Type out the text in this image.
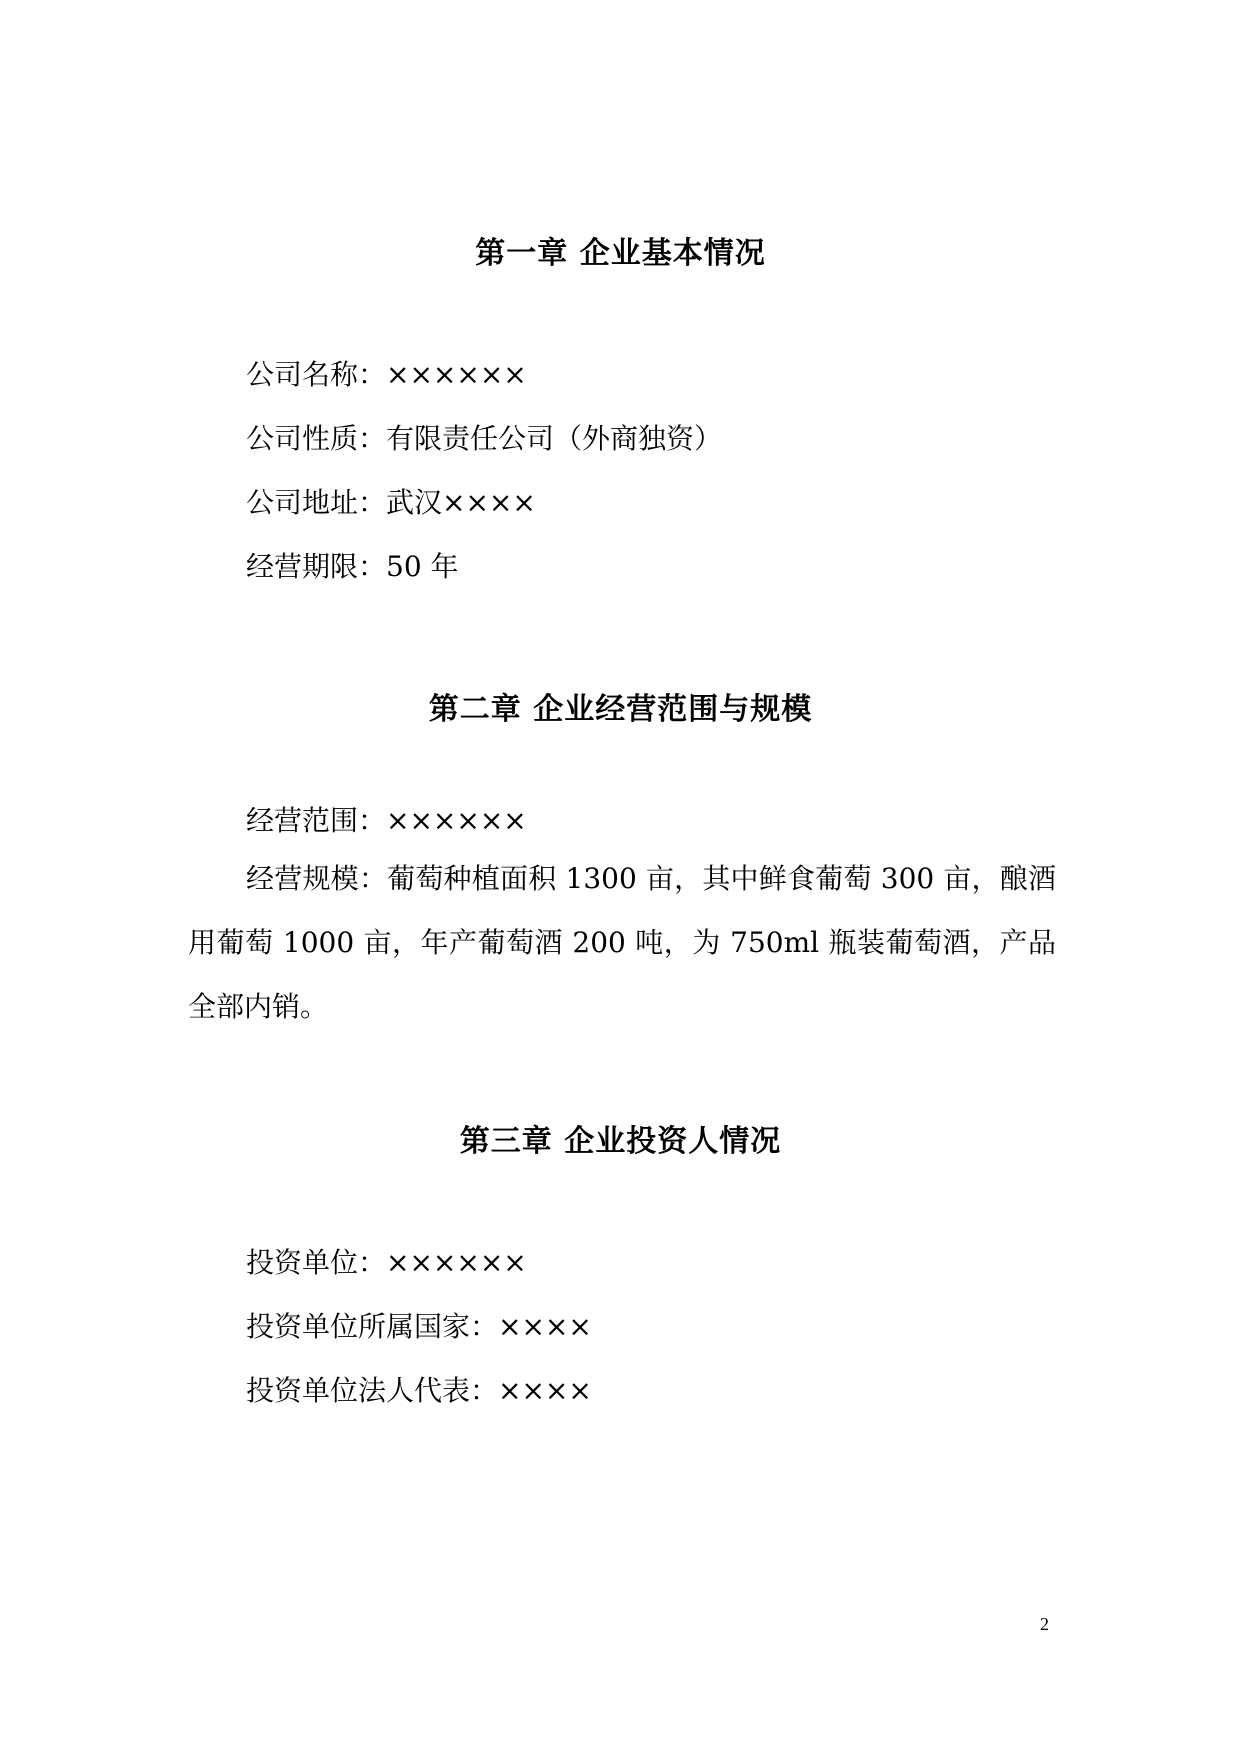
第一章 企业基本情况
公司名称：××××××
公司性质：有限责任公司（外商独资）
公司地址：武汉××××
经营期限：50 年
第二章 企业经营范围与规模
经营范围：××××××
经营规模：葡萄种植面积 1300 亩，其中鲜食葡萄 300 亩，酿酒用葡萄 1000 亩，年产葡萄酒 200 吨，为 750ml 瓶装葡萄酒，产品全部内销。
第三章 企业投资人情况
投资单位：××××××
投资单位所属国家：××××
投资单位法人代表：××××
2
